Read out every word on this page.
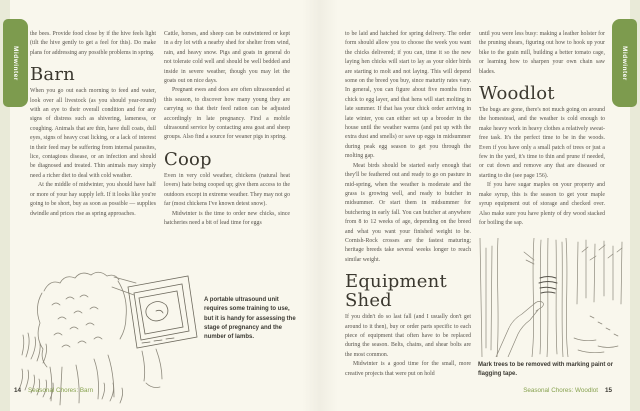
Midwinter	Midwinter

the bees. Provide food close by if the hive feels light (tilt the hive gently to get a feel for this). Do make plans for addressing any possible problems in spring.

Barn

When you go out each morning to feed and water, look over all livestock (as you should year-round) with an eye to their overall condition and for any signs of distress such as shivering, lameness, or coughing. Animals that are thin, have dull coats, dull eyes, signs of heavy coat licking, or a lack of interest in their feed may be suffering from internal parasites, lice, contagious disease, or an infection and should be diagnosed and treated. Thin animals may simply need a richer diet to deal with cold weather.

At the middle of midwinter, you should have half or more of your hay supply left. If it looks like you're going to be short, buy as soon as possible — supplies dwindle and prices rise as spring approaches.

Cattle, horses, and sheep can be outwintered or kept in a dry lot with a nearby shed for shelter from wind, rain, and heavy snow. Pigs and goats in general do not tolerate cold well and should be well bedded and inside in severe weather, though you may let the goats out on nice days.

Pregnant ewes and does are often ultrasounded at this season, to discover how many young they are carrying so that their feed ration can be adjusted accordingly in late pregnancy. Find a mobile ultrasound service by contacting area goat and sheep groups. Also find a source for weaner pigs in spring.

Coop

Even in very cold weather, chickens (natural heat lovers) hate being cooped up; give them access to the outdoors except in extreme weather. They may not go far (most chickens I've known detest snow).

Midwinter is the time to order new chicks, since hatcheries need a bit of lead time for eggs

A portable ultrasound unit requires some training to use, but it is handy for assessing the stage of pregnancy and the number of lambs.
14 Seasonal Chores: Barn

to be laid and hatched for spring delivery. The order form should allow you to choose the week you want the chicks delivered; if you can, time it so the new laying hen chicks will start to lay as your older birds are starting to molt and not laying. This will depend some on the breed you buy, since maturity rates vary. In general, you can figure about five months from chick to egg layer, and that hens will start molting in late summer. If that has your chick order arriving in late winter, you can either set up a brooder in the house until the weather warms (and put up with the extra dust and smells) or save up eggs in midsummer during peak egg season to get you through the molting gap.

Meat birds should be started early enough that they'll be feathered out and ready to go on pasture in mid-spring, when the weather is moderate and the grass is growing well, and ready to butcher in midsummer. Or start them in midsummer for butchering in early fall. You can butcher at anywhere from 8 to 12 weeks of age, depending on the breed and what you want your finished weight to be. Cornish-Rock crosses are the fastest maturing; heritage breeds take several weeks longer to reach similar weight.

Equipment Shed

If you didn't do so last fall (and I usually don't get around to it then), buy or order parts specific to each piece of equipment that often have to be replaced during the season. Belts, chains, and shear bolts are the most common.

Midwinter is a good time for the small, more creative projects that were put on hold

until you were less busy: making a leather holster for the pruning shears, figuring out how to hook up your bike to the grain mill, building a better tomato cage, or learning how to sharpen your own chain saw blades.

Woodlot

The bugs are gone, there's not much going on around the homestead, and the weather is cold enough to make heavy work in heavy clothes a relatively sweat-free task. It's the perfect time to be in the woods. Even if you have only a small patch of trees or just a few in the yard, it's time to thin and prune if needed, or cut down and remove any that are diseased or starting to die (see page 156).

If you have sugar maples on your property and make syrup, this is the season to get your maple syrup equipment out of storage and checked over. Also make sure you have plenty of dry wood stacked for boiling the sap.

Mark trees to be removed with marking paint or flagging tape.
Seasonal Chores: Woodlot 15
